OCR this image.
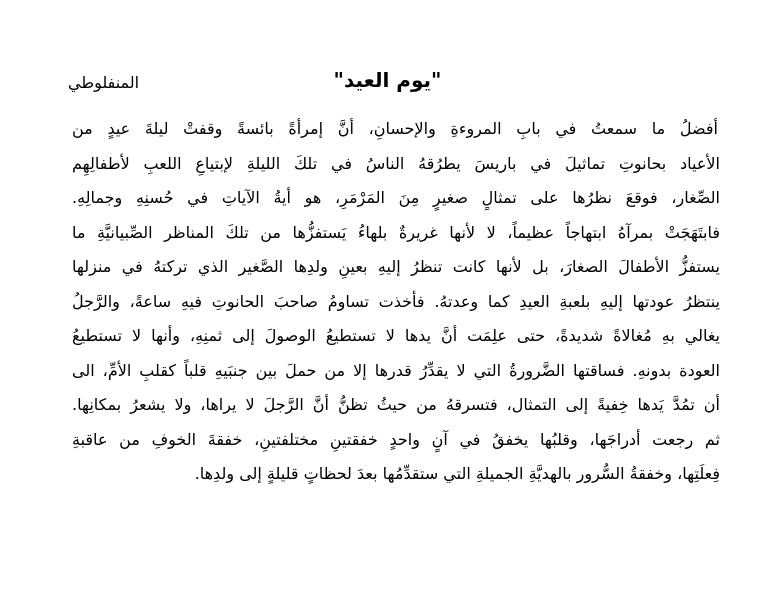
"يوم العيد"
المنفلوطي
أفضلُ ما سمعتُ في بابِ المروءةِ والإحسانِ، أنَّ إمرأةً بائسةً وقفتْ ليلةَ عيدٍ من
الأعياد بحانوتِ تماثيلَ في باريسَ يطرُقهُ الناسُ في تلكَ الليلةِ لإبتياعِ اللعبِ لأطفالِهِم
الصِّغار، فوقعَ نظرُها على تمثالٍ صغيرٍ مِنَ المَرْمَرِ، هو أيةُ الآياتِ في حُسنِهِ وجمالِهِ.
فابتَهَجَتْ بمرآهُ ابتهاجاً عظيماً، لا لأنها غريرةٌ بلهاءُ يَستفزُّها من تلكَ المناظر الصِّبيانيَّةِ ما
يستفزُّ الأطفالَ الصغارَ، بل لأنها كانت تنظرُ إليهِ بعينِ ولدِها الصَّغير الذي تركتهُ في منزلها
ينتظرُ عودتها إليهِ بلعبةِ العيدِ كما وعدتهُ. فأخذت تساومُ صاحبَ الحانوتِ فيهِ ساعةً، والرَّجلُ
يغالي بهِ مُغالاةً شديدةً، حتى علِمَت أنَّ يدها لا تستطيعُ الوصولَ إلى ثمنِهِ، وأنها لا تستطيعُ
العودة بدونهِ. فساقتها الضَّرورةُ التي لا يقدِّرُ قدرها إلا من حملَ بين جنبَيهِ قلباً كقلبِ الأمِّ، الى
أن تمُدَّ يَدها خِفيةً إلى التمثال، فتسرقهُ من حيثُ تظنُّ أنَّ الرَّجلَ لا يراها، ولا يشعرُ بمكانِها.
ثم رجعت أدراجَها، وقلبُها يخفقُ في آنٍ واحدٍ خفقتينِ مختلفتينِ، خفقةَ الخوفِ من عاقبةِ
فِعلَتِها، وخفقةُ السُّرور بالهديَّةِ الجميلةِ التي ستقدِّمُها بعدَ لحظاتٍ قليلةٍ إلى ولدِها.
